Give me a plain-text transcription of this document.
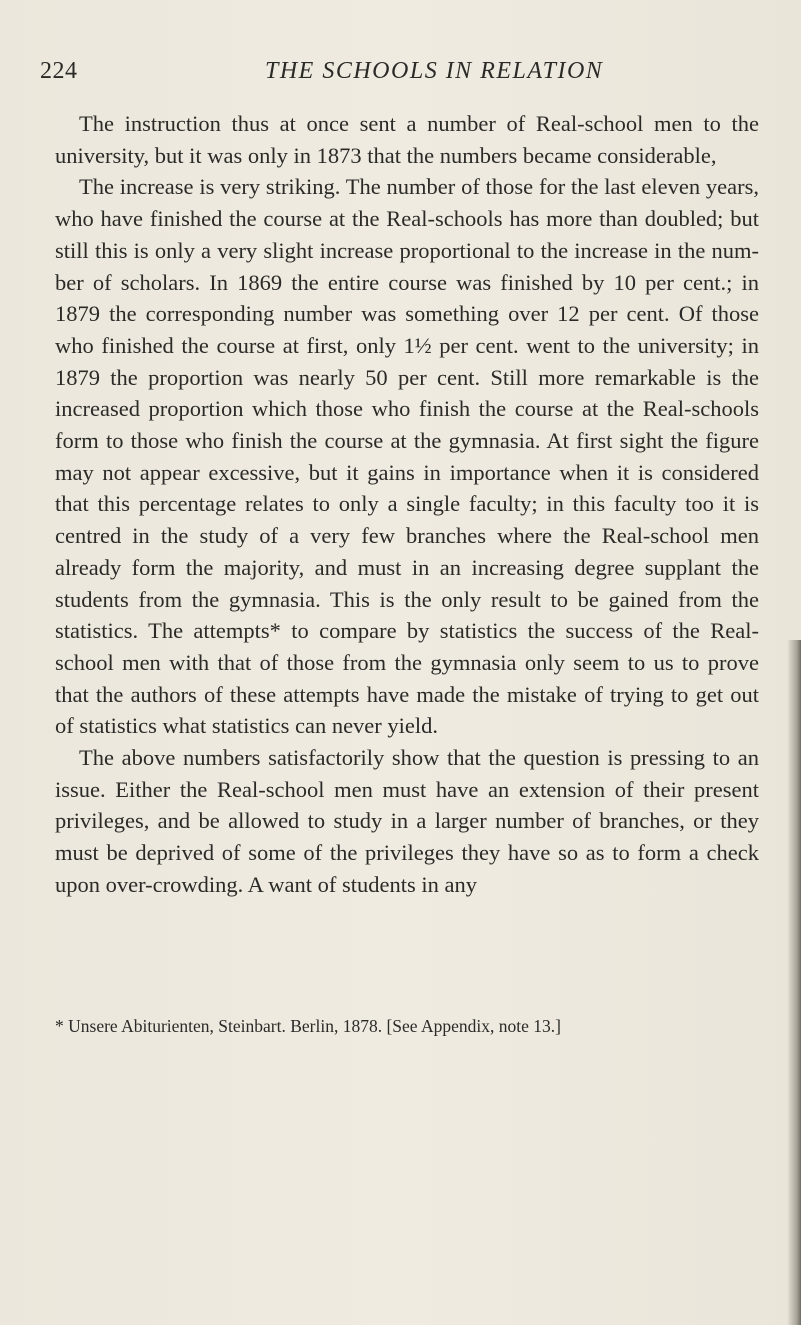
224	THE SCHOOLS IN RELATION

The instruction thus at once sent a number of Real-school men to the university, but it was only in 1873 that the numbers became considerable,

The increase is very striking. The number of those for the last eleven years, who have finished the course at the Real-schools has more than doubled; but still this is only a very slight increase proportional to the increase in the number of scholars. In 1869 the entire course was finished by 10 per cent.; in 1879 the corresponding number was something over 12 per cent. Of those who finished the course at first, only 1½ per cent. went to the university; in 1879 the proportion was nearly 50 per cent. Still more remarkable is the increased proportion which those who finish the course at the Real-schools form to those who finish the course at the gymnasia. At first sight the figure may not appear excessive, but it gains in importance when it is considered that this percentage relates to only a single faculty; in this faculty too it is centred in the study of a very few branches where the Real-school men already form the majority, and must in an increasing degree supplant the students from the gymnasia. This is the only result to be gained from the statistics. The attempts* to compare by statistics the success of the Real-school men with that of those from the gymnasia only seem to us to prove that the authors of these attempts have made the mistake of trying to get out of statistics what statistics can never yield.

The above numbers satisfactorily show that the question is pressing to an issue. Either the Real-school men must have an extension of their present privileges, and be allowed to study in a larger number of branches, or they must be deprived of some of the privileges they have so as to form a check upon over-crowding. A want of students in any

* Unsere Abiturienten, Steinbart. Berlin, 1878. [See Appendix, note 13.]
